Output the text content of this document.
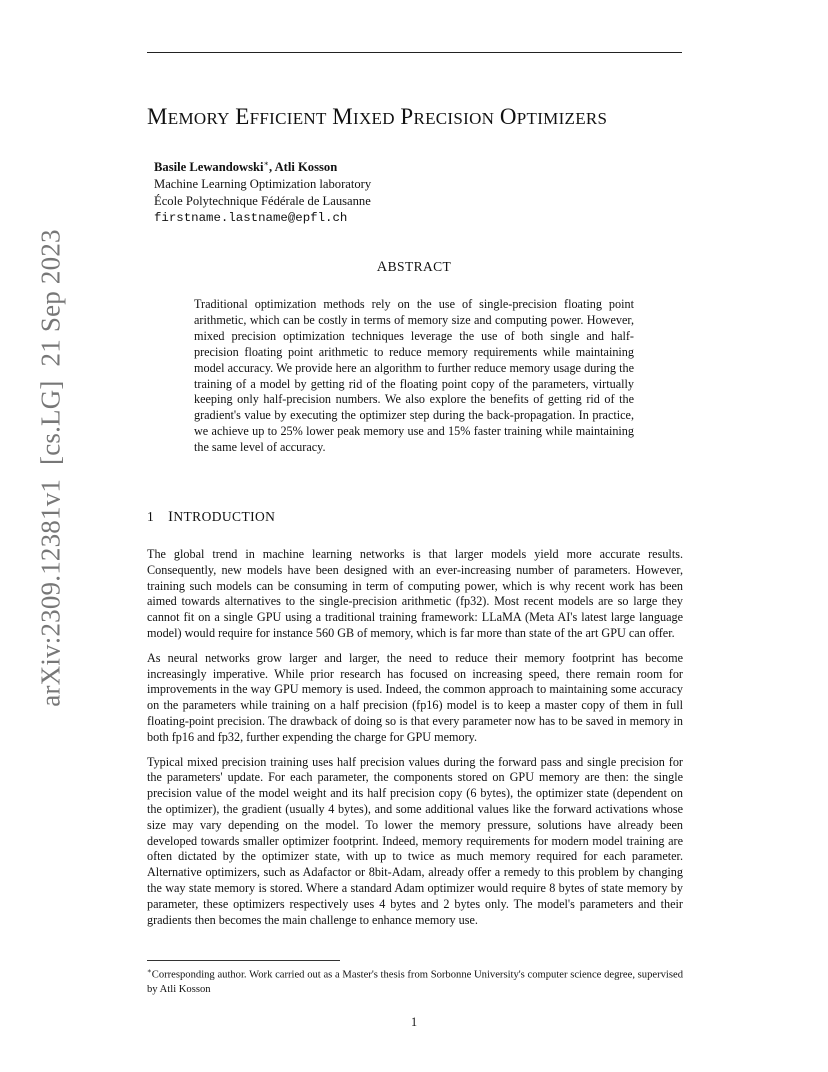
MEMORY EFFICIENT MIXED PRECISION OPTIMIZERS
Basile Lewandowski∗, Atli Kosson
Machine Learning Optimization laboratory
École Polytechnique Fédérale de Lausanne
firstname.lastname@epfl.ch
ABSTRACT
Traditional optimization methods rely on the use of single-precision floating point arithmetic, which can be costly in terms of memory size and computing power. However, mixed precision optimization techniques leverage the use of both single and half-precision floating point arithmetic to reduce memory requirements while maintaining model accuracy. We provide here an algorithm to further reduce memory usage during the training of a model by getting rid of the floating point copy of the parameters, virtually keeping only half-precision numbers. We also explore the benefits of getting rid of the gradient's value by executing the optimizer step during the back-propagation. In practice, we achieve up to 25% lower peak memory use and 15% faster training while maintaining the same level of accuracy.
1 INTRODUCTION

The global trend in machine learning networks is that larger models yield more accurate results. Consequently, new models have been designed with an ever-increasing number of parameters. However, training such models can be consuming in term of computing power, which is why recent work has been aimed towards alternatives to the single-precision arithmetic (fp32). Most recent models are so large they cannot fit on a single GPU using a traditional training framework: LLaMA (Meta AI's latest large language model) would require for instance 560 GB of memory, which is far more than state of the art GPU can offer.

As neural networks grow larger and larger, the need to reduce their memory footprint has become increasingly imperative. While prior research has focused on increasing speed, there remain room for improvements in the way GPU memory is used. Indeed, the common approach to maintaining some accuracy on the parameters while training on a half precision (fp16) model is to keep a master copy of them in full floating-point precision. The drawback of doing so is that every parameter now has to be saved in memory in both fp16 and fp32, further expending the charge for GPU memory.

Typical mixed precision training uses half precision values during the forward pass and single precision for the parameters' update. For each parameter, the components stored on GPU memory are then: the single precision value of the model weight and its half precision copy (6 bytes), the optimizer state (dependent on the optimizer), the gradient (usually 4 bytes), and some additional values like the forward activations whose size may vary depending on the model. To lower the memory pressure, solutions have already been developed towards smaller optimizer footprint. Indeed, memory requirements for modern model training are often dictated by the optimizer state, with up to twice as much memory required for each parameter. Alternative optimizers, such as Adafactor or 8bit-Adam, already offer a remedy to this problem by changing the way state memory is stored. Where a standard Adam optimizer would require 8 bytes of state memory by parameter, these optimizers respectively uses 4 bytes and 2 bytes only. The model's parameters and their gradients then becomes the main challenge to enhance memory use.

∗Corresponding author. Work carried out as a Master's thesis from Sorbonne University's computer science degree, supervised by Atli Kosson
1
arXiv:2309.12381v1  [cs.LG]  21 Sep 2023
